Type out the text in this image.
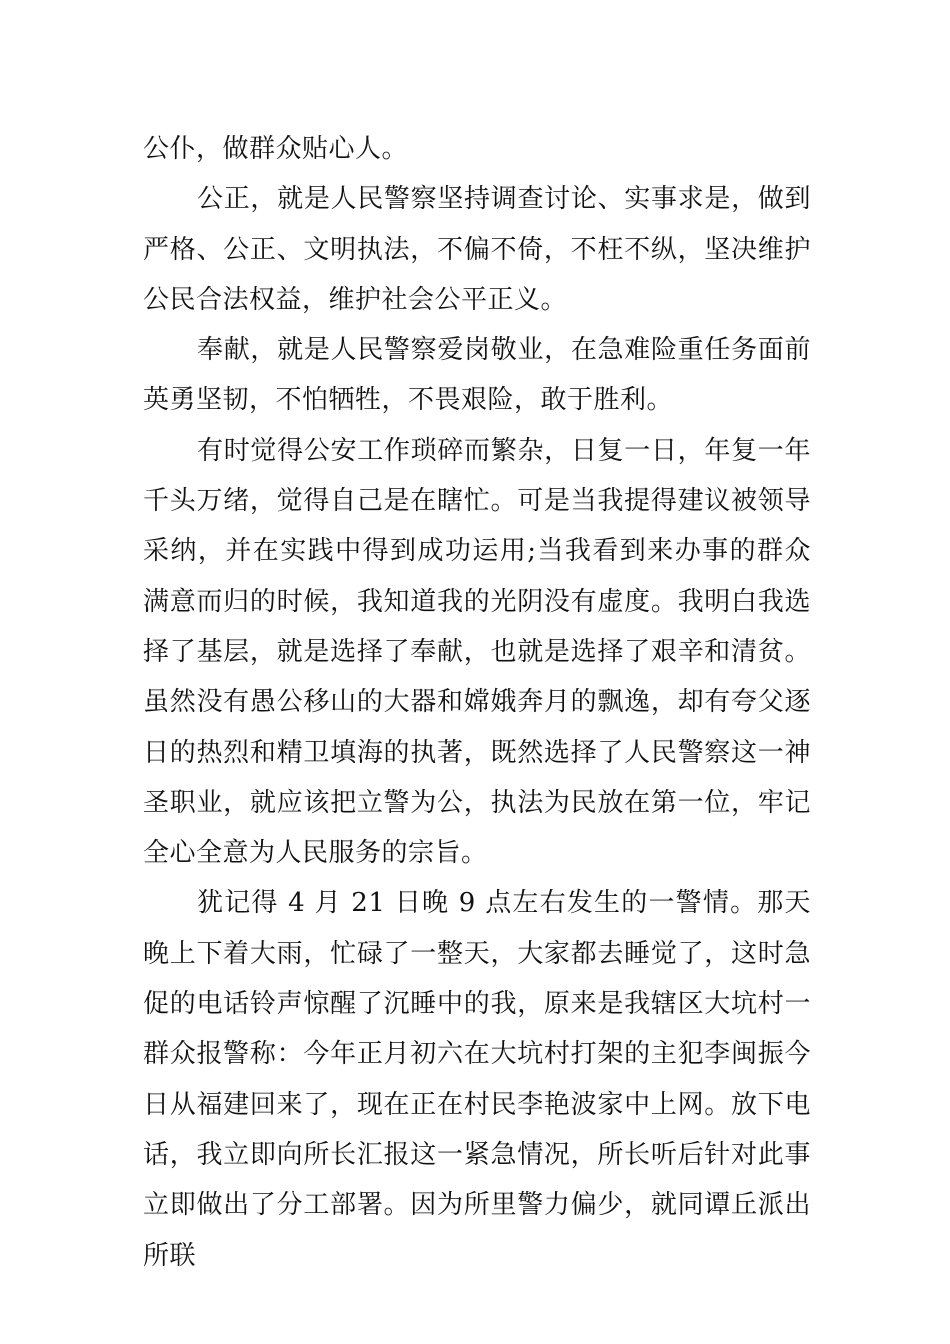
公仆，做群众贴心人。

公正，就是人民警察坚持调查讨论、实事求是，做到严格、公正、文明执法，不偏不倚，不枉不纵，坚决维护公民合法权益，维护社会公平正义。

奉献，就是人民警察爱岗敬业，在急难险重任务面前英勇坚韧，不怕牺牲，不畏艰险，敢于胜利。

有时觉得公安工作琐碎而繁杂，日复一日，年复一年千头万绪，觉得自己是在瞎忙。可是当我提得建议被领导采纳，并在实践中得到成功运用;当我看到来办事的群众满意而归的时候，我知道我的光阴没有虚度。我明白我选择了基层，就是选择了奉献，也就是选择了艰辛和清贫。虽然没有愚公移山的大器和嫦娥奔月的飘逸，却有夸父逐日的热烈和精卫填海的执著，既然选择了人民警察这一神圣职业，就应该把立警为公，执法为民放在第一位，牢记全心全意为人民服务的宗旨。

犹记得 4 月 21 日晚 9 点左右发生的一警情。那天晚上下着大雨，忙碌了一整天，大家都去睡觉了，这时急促的电话铃声惊醒了沉睡中的我，原来是我辖区大坑村一群众报警称：今年正月初六在大坑村打架的主犯李闽振今日从福建回来了，现在正在村民李艳波家中上网。放下电话，我立即向所长汇报这一紧急情况，所长听后针对此事立即做出了分工部署。因为所里警力偏少，就同谭丘派出所联
